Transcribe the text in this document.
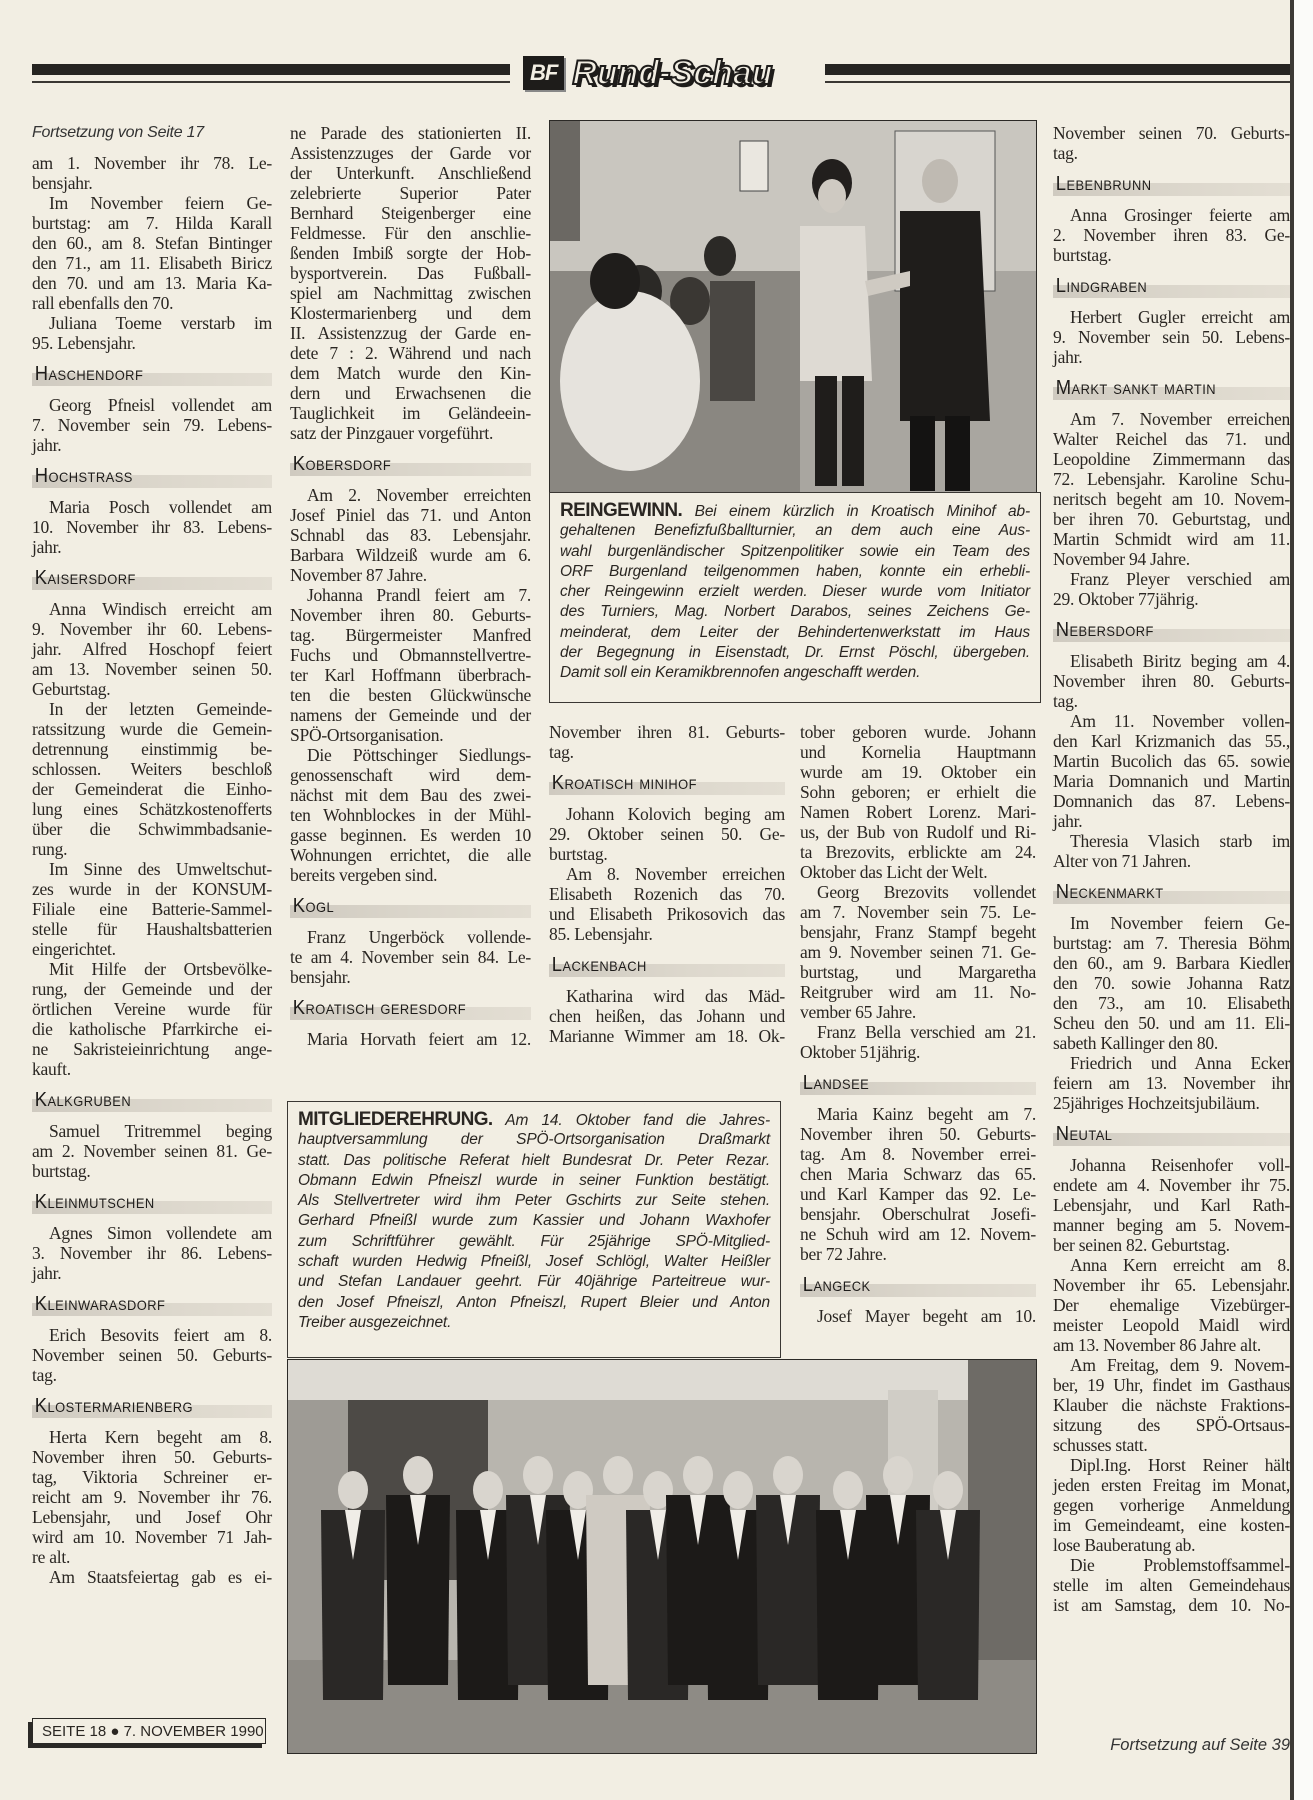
BF Rund-Schau
Fortsetzung von Seite 17
am 1. November ihr 78. Le-
bensjahr.
Im November feiern Ge-
burtstag: am 7. Hilda Karall
den 60., am 8. Stefan Bintinger
den 71., am 11. Elisabeth Biricz
den 70. und am 13. Maria Ka-
rall ebenfalls den 70.
Juliana Toeme verstarb im
95. Lebensjahr.
Haschendorf
Georg Pfneisl vollendet am
7. November sein 79. Lebens-
jahr.
Hochstrass
Maria Posch vollendet am
10. November ihr 83. Lebens-
jahr.
Kaisersdorf
Anna Windisch erreicht am
9. November ihr 60. Lebens-
jahr. Alfred Hoschopf feiert
am 13. November seinen 50.
Geburtstag.
In der letzten Gemeinde-
ratssitzung wurde die Gemein-
detrennung einstimmig be-
schlossen. Weiters beschloß
der Gemeinderat die Einho-
lung eines Schätzkostenofferts
über die Schwimmbadsanie-
rung.
Im Sinne des Umweltschut-
zes wurde in der KONSUM-
Filiale eine Batterie-Sammel-
stelle für Haushaltsbatterien
eingerichtet.
Mit Hilfe der Ortsbevölke-
rung, der Gemeinde und der
örtlichen Vereine wurde für
die katholische Pfarrkirche ei-
ne Sakristeieinrichtung ange-
kauft.
Kalkgruben
Samuel Tritremmel beging
am 2. November seinen 81. Ge-
burtstag.
Kleinmutschen
Agnes Simon vollendete am
3. November ihr 86. Lebens-
jahr.
Kleinwarasdorf
Erich Besovits feiert am 8.
November seinen 50. Geburts-
tag.
Klostermarienberg
Herta Kern begeht am 8.
November ihren 50. Geburts-
tag, Viktoria Schreiner er-
reicht am 9. November ihr 76.
Lebensjahr, und Josef Ohr
wird am 10. November 71 Jah-
re alt.
Am Staatsfeiertag gab es ei-
ne Parade des stationierten II.
Assistenzzuges der Garde vor
der Unterkunft. Anschließend
zelebrierte Superior Pater
Bernhard Steigenberger eine
Feldmesse. Für den anschlie-
ßenden Imbiß sorgte der Hob-
bysportverein. Das Fußball-
spiel am Nachmittag zwischen
Klostermarienberg und dem
II. Assistenzzug der Garde en-
dete 7 : 2. Während und nach
dem Match wurde den Kin-
dern und Erwachsenen die
Tauglichkeit im Geländeein-
satz der Pinzgauer vorgeführt.
Kobersdorf
Am 2. November erreichten
Josef Piniel das 71. und Anton
Schnabl das 83. Lebensjahr.
Barbara Wildzeiß wurde am 6.
November 87 Jahre.
Johanna Prandl feiert am 7.
November ihren 80. Geburts-
tag. Bürgermeister Manfred
Fuchs und Obmannstellvertre-
ter Karl Hoffmann überbrach-
ten die besten Glückwünsche
namens der Gemeinde und der
SPÖ-Ortsorganisation.
Die Pöttschinger Siedlungs-
genossenschaft wird dem-
nächst mit dem Bau des zwei-
ten Wohnblockes in der Mühl-
gasse beginnen. Es werden 10
Wohnungen errichtet, die alle
bereits vergeben sind.
Kogl
Franz Ungerböck vollende-
te am 4. November sein 84. Le-
bensjahr.
Kroatisch geresdorf
Maria Horvath feiert am 12.
November ihren 81. Geburts-
tag.
Kroatisch minihof
Johann Kolovich beging am
29. Oktober seinen 50. Ge-
burtstag.
Am 8. November erreichen
Elisabeth Rozenich das 70.
und Elisabeth Prikosovich das
85. Lebensjahr.
Lackenbach
Katharina wird das Mäd-
chen heißen, das Johann und
Marianne Wimmer am 18. Ok-
tober geboren wurde. Johann
und Kornelia Hauptmann
wurde am 19. Oktober ein
Sohn geboren; er erhielt die
Namen Robert Lorenz. Mari-
us, der Bub von Rudolf und Ri-
ta Brezovits, erblickte am 24.
Oktober das Licht der Welt.
Georg Brezovits vollendet
am 7. November sein 75. Le-
bensjahr, Franz Stampf begeht
am 9. November seinen 71. Ge-
burtstag, und Margaretha
Reitgruber wird am 11. No-
vember 65 Jahre.
Franz Bella verschied am 21.
Oktober 51jährig.
Landsee
Maria Kainz begeht am 7.
November ihren 50. Geburts-
tag. Am 8. November errei-
chen Maria Schwarz das 65.
und Karl Kamper das 92. Le-
bensjahr. Oberschulrat Josefi-
ne Schuh wird am 12. Novem-
ber 72 Jahre.
Langeck
Josef Mayer begeht am 10.
November seinen 70. Geburts-
tag.
Lebenbrunn
Anna Grosinger feierte am
2. November ihren 83. Ge-
burtstag.
Lindgraben
Herbert Gugler erreicht am
9. November sein 50. Lebens-
jahr.
Markt sankt martin
Am 7. November erreichen
Walter Reichel das 71. und
Leopoldine Zimmermann das
72. Lebensjahr. Karoline Schu-
neritsch begeht am 10. Novem-
ber ihren 70. Geburtstag, und
Martin Schmidt wird am 11.
November 94 Jahre.
Franz Pleyer verschied am
29. Oktober 77jährig.
Nebersdorf
Elisabeth Biritz beging am 4.
November ihren 80. Geburts-
tag.
Am 11. November vollen-
den Karl Krizmanich das 55.,
Martin Bucolich das 65. sowie
Maria Domnanich und Martin
Domnanich das 87. Lebens-
jahr.
Theresia Vlasich starb im
Alter von 71 Jahren.
Neckenmarkt
Im November feiern Ge-
burtstag: am 7. Theresia Böhm
den 60., am 9. Barbara Kiedler
den 70. sowie Johanna Ratz
den 73., am 10. Elisabeth
Scheu den 50. und am 11. Eli-
sabeth Kallinger den 80.
Friedrich und Anna Ecker
feiern am 13. November ihr
25jähriges Hochzeitsjubiläum.
Neutal
Johanna Reisenhofer voll-
endete am 4. November ihr 75.
Lebensjahr, und Karl Rath-
manner beging am 5. Novem-
ber seinen 82. Geburtstag.
Anna Kern erreicht am 8.
November ihr 65. Lebensjahr.
Der ehemalige Vizebürger-
meister Leopold Maidl wird
am 13. November 86 Jahre alt.
Am Freitag, dem 9. Novem-
ber, 19 Uhr, findet im Gasthaus
Klauber die nächste Fraktions-
sitzung des SPÖ-Ortsaus-
schusses statt.
Dipl.Ing. Horst Reiner hält
jeden ersten Freitag im Monat,
gegen vorherige Anmeldung
im Gemeindeamt, eine kosten-
lose Bauberatung ab.
Die Problemstoffsammel-
stelle im alten Gemeindehaus
ist am Samstag, dem 10. No-
REINGEWINN. Bei einem kürzlich in Kroatisch Minihof ab-
gehaltenen Benefizfußballturnier, an dem auch eine Aus-
wahl burgenländischer Spitzenpolitiker sowie ein Team des
ORF Burgenland teilgenommen haben, konnte ein erhebli-
cher Reingewinn erzielt werden. Dieser wurde vom Initiator
des Turniers, Mag. Norbert Darabos, seines Zeichens Ge-
meinderat, dem Leiter der Behindertenwerkstatt im Haus
der Begegnung in Eisenstadt, Dr. Ernst Pöschl, übergeben.
Damit soll ein Keramikbrennofen angeschafft werden.
MITGLIEDEREHRUNG. Am 14. Oktober fand die Jahres-
hauptversammlung der SPÖ-Ortsorganisation Draßmarkt
statt. Das politische Referat hielt Bundesrat Dr. Peter Rezar.
Obmann Edwin Pfneiszl wurde in seiner Funktion bestätigt.
Als Stellvertreter wird ihm Peter Gschirts zur Seite stehen.
Gerhard Pfneißl wurde zum Kassier und Johann Waxhofer
zum Schriftführer gewählt. Für 25jährige SPÖ-Mitglied-
schaft wurden Hedwig Pfneißl, Josef Schlögl, Walter Heißler
und Stefan Landauer geehrt. Für 40jährige Parteitreue wur-
den Josef Pfneiszl, Anton Pfneiszl, Rupert Bleier und Anton
Treiber ausgezeichnet.
SEITE 18 ● 7. NOVEMBER 1990
Fortsetzung auf Seite 39
